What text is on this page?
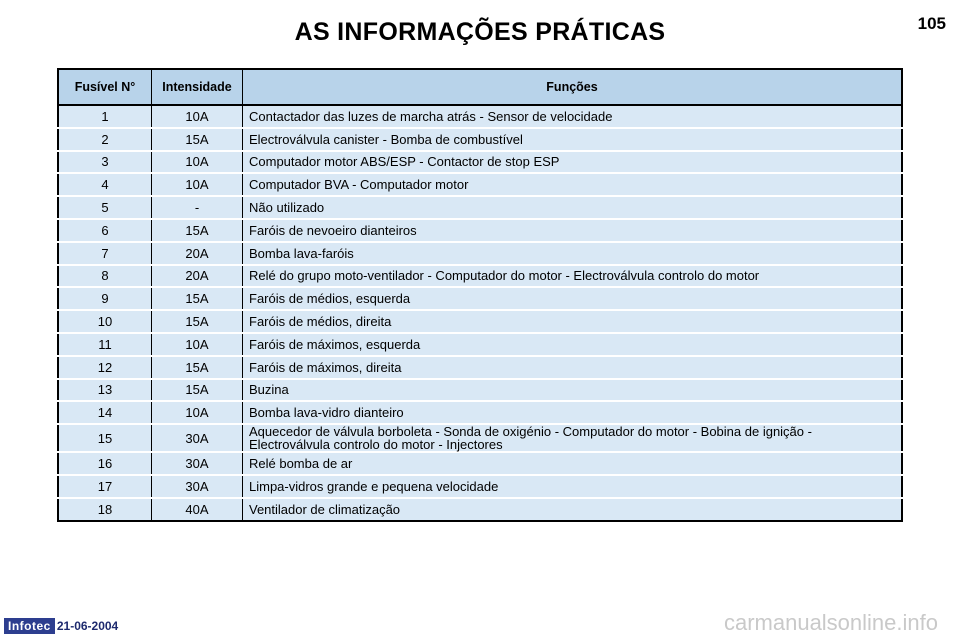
AS INFORMAÇÕES PRÁTICAS	105
Fusível N°	Intensidade	Funções
1	10A	Contactador das luzes de marcha atrás - Sensor de velocidade
2	15A	Electroválvula canister - Bomba de combustível
3	10A	Computador motor ABS/ESP - Contactor de stop ESP
4	10A	Computador BVA - Computador motor
5	-	Não utilizado
6	15A	Faróis de nevoeiro dianteiros
7	20A	Bomba lava-faróis
8	20A	Relé do grupo moto-ventilador - Computador do motor - Electroválvula controlo do motor
9	15A	Faróis de médios, esquerda
10	15A	Faróis de médios, direita
11	10A	Faróis de máximos, esquerda
12	15A	Faróis de máximos, direita
13	15A	Buzina
14	10A	Bomba lava-vidro dianteiro
15	30A	Aquecedor de válvula borboleta - Sonda de oxigénio - Computador do motor - Bobina de ignição - Electroválvula controlo do motor - Injectores
16	30A	Relé bomba de ar
17	30A	Limpa-vidros grande e pequena velocidade
18	40A	Ventilador de climatização
Infotec 21-06-2004	carmanualsonline.info
